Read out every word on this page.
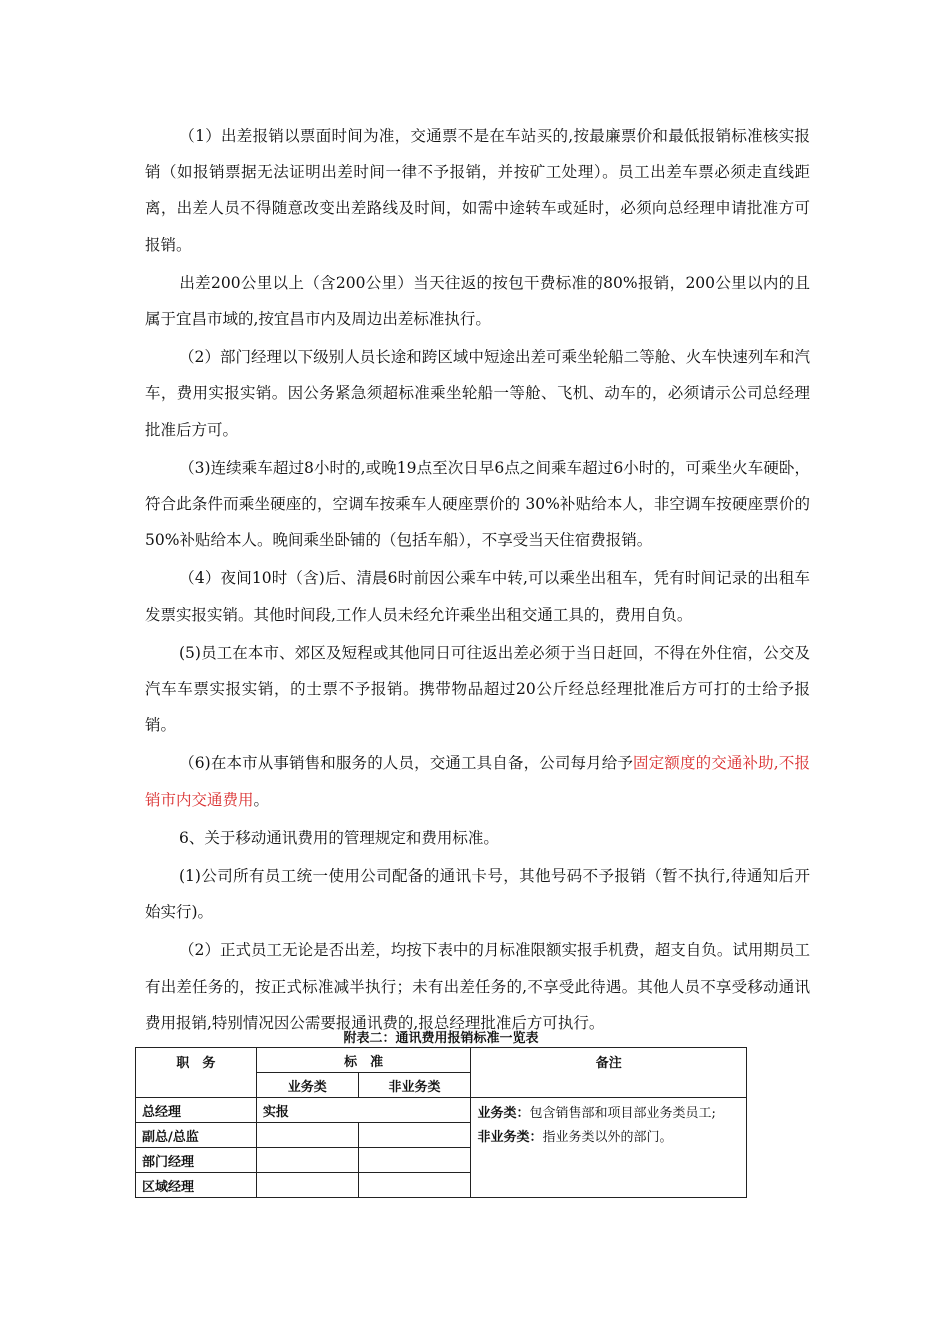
（1）出差报销以票面时间为准，交通票不是在车站买的,按最廉票价和最低报销标准核实报销（如报销票据无法证明出差时间一律不予报销，并按矿工处理）。员工出差车票必须走直线距离，出差人员不得随意改变出差路线及时间，如需中途转车或延时，必须向总经理申请批准方可报销。

出差200公里以上（含200公里）当天往返的按包干费标准的80%报销，200公里以内的且属于宜昌市域的,按宜昌市内及周边出差标准执行。

（2）部门经理以下级别人员长途和跨区域中短途出差可乘坐轮船二等舱、火车快速列车和汽车，费用实报实销。因公务紧急须超标准乘坐轮船一等舱、飞机、动车的，必须请示公司总经理批准后方可。

（3)连续乘车超过8小时的,或晚19点至次日早6点之间乘车超过6小时的，可乘坐火车硬卧，符合此条件而乘坐硬座的，空调车按乘车人硬座票价的 30%补贴给本人，非空调车按硬座票价的50%补贴给本人。晚间乘坐卧铺的（包括车船），不享受当天住宿费报销。

（4）夜间10时（含)后、清晨6时前因公乘车中转,可以乘坐出租车，凭有时间记录的出租车发票实报实销。其他时间段,工作人员未经允许乘坐出租交通工具的，费用自负。

(5)员工在本市、郊区及短程或其他同日可往返出差必须于当日赶回，不得在外住宿，公交及汽车车票实报实销，的士票不予报销。携带物品超过20公斤经总经理批准后方可打的士给予报销。

（6)在本市从事销售和服务的人员，交通工具自备，公司每月给予固定额度的交通补助,不报销市内交通费用。

6、关于移动通讯费用的管理规定和费用标准。

(1)公司所有员工统一使用公司配备的通讯卡号，其他号码不予报销（暂不执行,待通知后开始实行)。

（2）正式员工无论是否出差，均按下表中的月标准限额实报手机费，超支自负。试用期员工有出差任务的，按正式标准减半执行；未有出差任务的,不享受此待遇。其他人员不享受移动通讯费用报销,特别情况因公需要报通讯费的,报总经理批准后方可执行。

附表二：通讯费用报销标准一览表
职　务	标　准		备注
	业务类	非业务类	
总经理	实报		业务类：包含销售部和项目部业务类员工;
非业务类：指业务类以外的部门。

副总/总监			
部门经理			
区域经理			
